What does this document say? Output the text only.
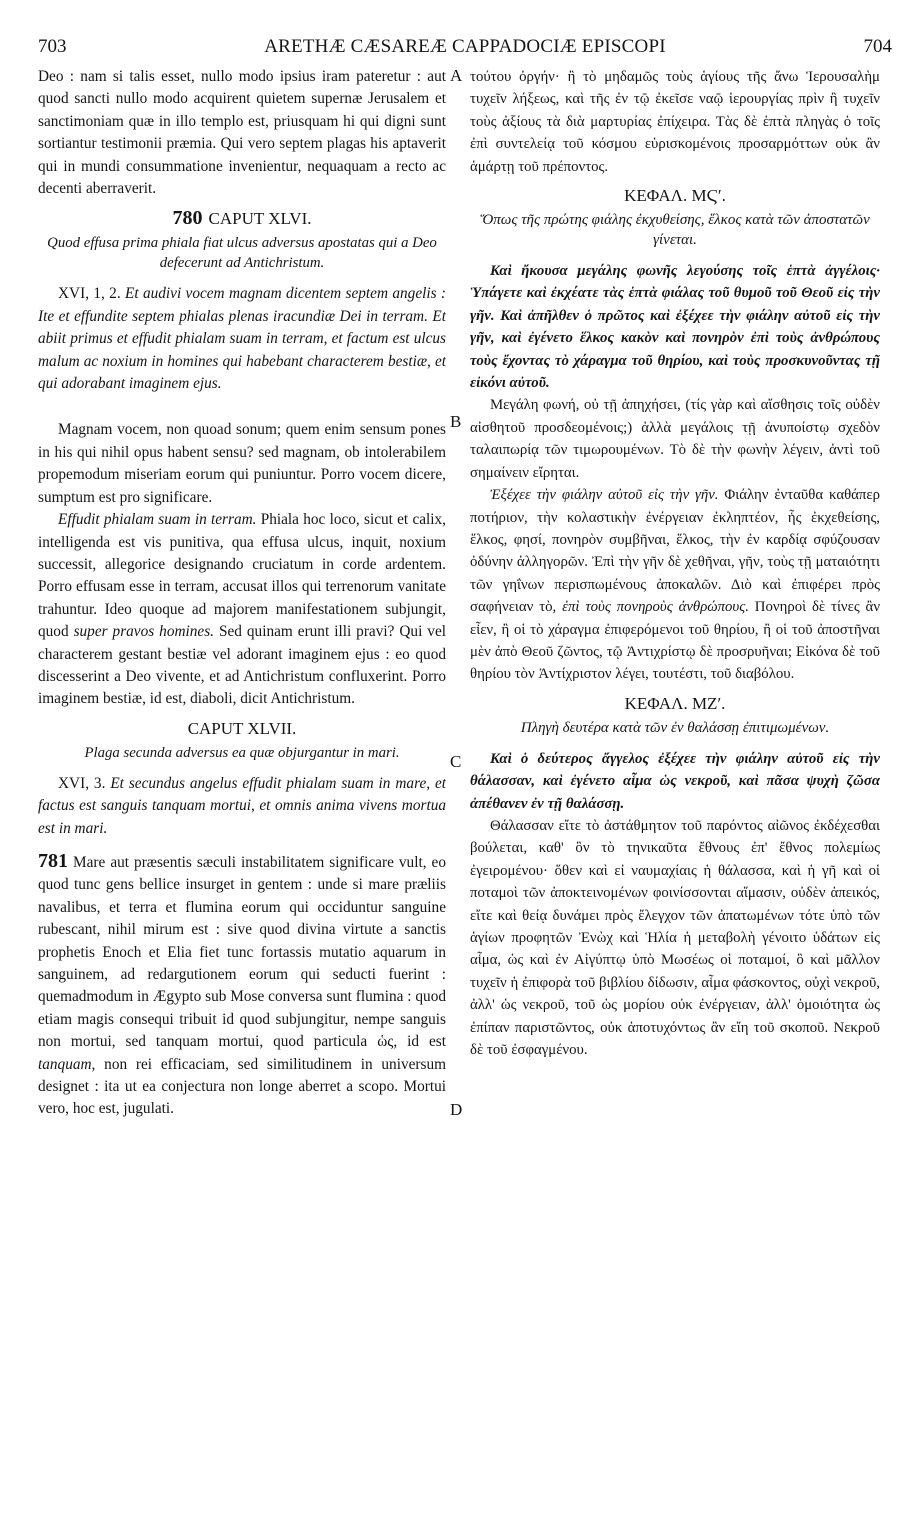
703	ARETHÆ CÆSAREÆ CAPPADOCIÆ EPISCOPI	704
A
B
C
D

Deo : nam si talis esset, nullo modo ipsius iram pateretur : aut quod sancti nullo modo acquirent quietem supernæ Jerusalem et sanctimoniam quæ in illo templo est, priusquam hi qui digni sunt sortiantur testimonii præmia. Qui vero septem plagas his aptaverit qui in mundi consummatione invenientur, nequaquam a recto ac decenti aberraverit.

780 CAPUT XLVI.

Quod effusa prima phiala fiat ulcus adversus apostatas qui a Deo defecerunt ad Antichristum.

XVI, 1, 2. Et audivi vocem magnam dicentem septem angelis : Ite et effundite septem phialas plenas iracundiæ Dei in terram. Et abiit primus et effudit phialam suam in terram, et factum est ulcus malum ac noxium in homines qui habebant characterem bestiæ, et qui adorabant imaginem ejus.

Magnam vocem, non quoad sonum; quem enim sensum pones in his qui nihil opus habent sensu? sed magnam, ob intolerabilem propemodum miseriam eorum qui puniuntur. Porro vocem dicere, sumptum est pro significare.

Effudit phialam suam in terram. Phiala hoc loco, sicut et calix, intelligenda est vis punitiva, qua effusa ulcus, inquit, noxium successit, allegorice designando cruciatum in corde ardentem. Porro effusam esse in terram, accusat illos qui terrenorum vanitate trahuntur. Ideo quoque ad majorem manifestationem subjungit, quod super pravos homines. Sed quinam erunt illi pravi? Qui vel characterem gestant bestiæ vel adorant imaginem ejus : eo quod discesserint a Deo vivente, et ad Antichristum confluxerint. Porro imaginem bestiæ, id est, diaboli, dicit Antichristum.

CAPUT XLVII.

Plaga secunda adversus ea quæ objurgantur in mari.

XVI, 3. Et secundus angelus effudit phialam suam in mare, et factus est sanguis tanquam mortui, et omnis anima vivens mortua est in mari.

781 Mare aut præsentis sæculi instabilitatem significare vult, eo quod tunc gens bellice insurget in gentem : unde si mare præliis navalibus, et terra et flumina eorum qui occiduntur sanguine rubescant, nihil mirum est : sive quod divina virtute a sanctis prophetis Enoch et Elia fiet tunc fortassis mutatio aquarum in sanguinem, ad redargutionem eorum qui seducti fuerint : quemadmodum in Ægypto sub Mose conversa sunt flumina : quod etiam magis consequi tribuit id quod subjungitur, nempe sanguis non mortui, sed tanquam mortui, quod particula ὡς, id est tanquam, non rei efficaciam, sed similitudinem in universum designet : ita ut ea conjectura non longe aberret a scopo. Mortui vero, hoc est, jugulati.

τούτου ὀργήν· ἢ τὸ μηδαμῶς τοὺς ἁγίους τῆς ἄνω Ἱερουσαλὴμ τυχεῖν λήξεως, καὶ τῆς ἐν τῷ ἐκεῖσε ναῷ ἱερουργίας πρὶν ἢ τυχεῖν τοὺς ἀξίους τὰ διὰ μαρτυρίας ἐπίχειρα. Τὰς δὲ ἑπτὰ πληγὰς ὁ τοῖς ἐπὶ συντελείᾳ τοῦ κόσμου εὑρισκομένοις προσαρμόττων οὐκ ἂν ἁμάρτῃ τοῦ πρέποντος.

ΚΕΦΑΛ. ΜϚʹ.

Ὅπως τῆς πρώτης φιάλης ἐκχυθείσης, ἕλκος κατὰ τῶν ἀποστατῶν γίνεται.

Καὶ ἤκουσα μεγάλης φωνῆς λεγούσης τοῖς ἑπτὰ ἀγγέλοις· Ὑπάγετε καὶ ἐκχέατε τὰς ἑπτὰ φιάλας τοῦ θυμοῦ τοῦ Θεοῦ εἰς τὴν γῆν. Καὶ ἀπῆλθεν ὁ πρῶτος καὶ ἐξέχεε τὴν φιάλην αὐτοῦ εἰς τὴν γῆν, καὶ ἐγένετο ἕλκος κακὸν καὶ πονηρὸν ἐπὶ τοὺς ἀνθρώπους τοὺς ἔχοντας τὸ χάραγμα τοῦ θηρίου, καὶ τοὺς προσκυνοῦντας τῇ εἰκόνι αὐτοῦ.

Μεγάλη φωνή, οὐ τῇ ἀπηχήσει, (τίς γὰρ καὶ αἴσθησις τοῖς οὐδὲν αἰσθητοῦ προσδεομένοις;) ἀλλὰ μεγάλοις τῇ ἀνυποίστῳ σχεδὸν ταλαιπωρίᾳ τῶν τιμωρουμένων. Τὸ δὲ τὴν φωνὴν λέγειν, ἀντὶ τοῦ σημαίνειν εἴρηται.

Ἐξέχεε τὴν φιάλην αὐτοῦ εἰς τὴν γῆν. Φιάλην ἐνταῦθα καθάπερ ποτήριον, τὴν κολαστικὴν ἐνέργειαν ἐκληπτέον, ἧς ἐκχεθείσης, ἕλκος, φησί, πονηρὸν συμβῆναι, ἕλκος, τὴν ἐν καρδίᾳ σφύζουσαν ὀδύνην ἀλληγορῶν. Ἐπὶ τὴν γῆν δὲ χεθῆναι, γῆν, τοὺς τῇ ματαιότητι τῶν γηΐνων περισπωμένους ἀποκαλῶν. Διὸ καὶ ἐπιφέρει πρὸς σαφήνειαν τὸ, ἐπὶ τοὺς πονηροὺς ἀνθρώπους. Πονηροὶ δὲ τίνες ἂν εἶεν, ἢ οἱ τὸ χάραγμα ἐπιφερόμενοι τοῦ θηρίου, ἢ οἱ τοῦ ἀποστῆναι μὲν ἀπὸ Θεοῦ ζῶντος, τῷ Ἀντιχρίστῳ δὲ προσρυῆναι; Εἰκόνα δὲ τοῦ θηρίου τὸν Ἀντίχριστον λέγει, τουτέστι, τοῦ διαβόλου.

ΚΕΦΑΛ. ΜΖʹ.

Πληγὴ δευτέρα κατὰ τῶν ἐν θαλάσσῃ ἐπιτιμωμένων.

Καὶ ὁ δεύτερος ἄγγελος ἐξέχεε τὴν φιάλην αὐτοῦ εἰς τὴν θάλασσαν, καὶ ἐγένετο αἷμα ὡς νεκροῦ, καὶ πᾶσα ψυχὴ ζῶσα ἀπέθανεν ἐν τῇ θαλάσσῃ.

Θάλασσαν εἴτε τὸ ἀστάθμητον τοῦ παρόντος αἰῶνος ἐκδέχεσθαι βούλεται, καθ' ὃν τὸ τηνικαῦτα ἔθνους ἐπ' ἔθνος πολεμίως ἐγειρομένου· ὅθεν καὶ εἰ ναυμαχίαις ἡ θάλασσα, καὶ ἡ γῆ καὶ οἱ ποταμοὶ τῶν ἀποκτεινομένων φοινίσσονται αἵμασιν, οὐδὲν ἀπεικός, εἴτε καὶ θείᾳ δυνάμει πρὸς ἔλεγχον τῶν ἀπατωμένων τότε ὑπὸ τῶν ἁγίων προφητῶν Ἐνὼχ καὶ Ἡλία ἡ μεταβολὴ γένοιτο ὑδάτων εἰς αἷμα, ὡς καὶ ἐν Αἰγύπτῳ ὑπὸ Μωσέως οἱ ποταμοί, ὃ καὶ μᾶλλον τυχεῖν ἡ ἐπιφορὰ τοῦ βιβλίου δίδωσιν, αἷμα φάσκοντος, οὐχὶ νεκροῦ, ἀλλ' ὡς νεκροῦ, τοῦ ὡς μορίου οὐκ ἐνέργειαν, ἀλλ' ὁμοιότητα ὡς ἐπίπαν παριστῶντος, οὐκ ἀποτυχόντως ἂν εἴη τοῦ σκοποῦ. Νεκροῦ δὲ τοῦ ἐσφαγμένου.
